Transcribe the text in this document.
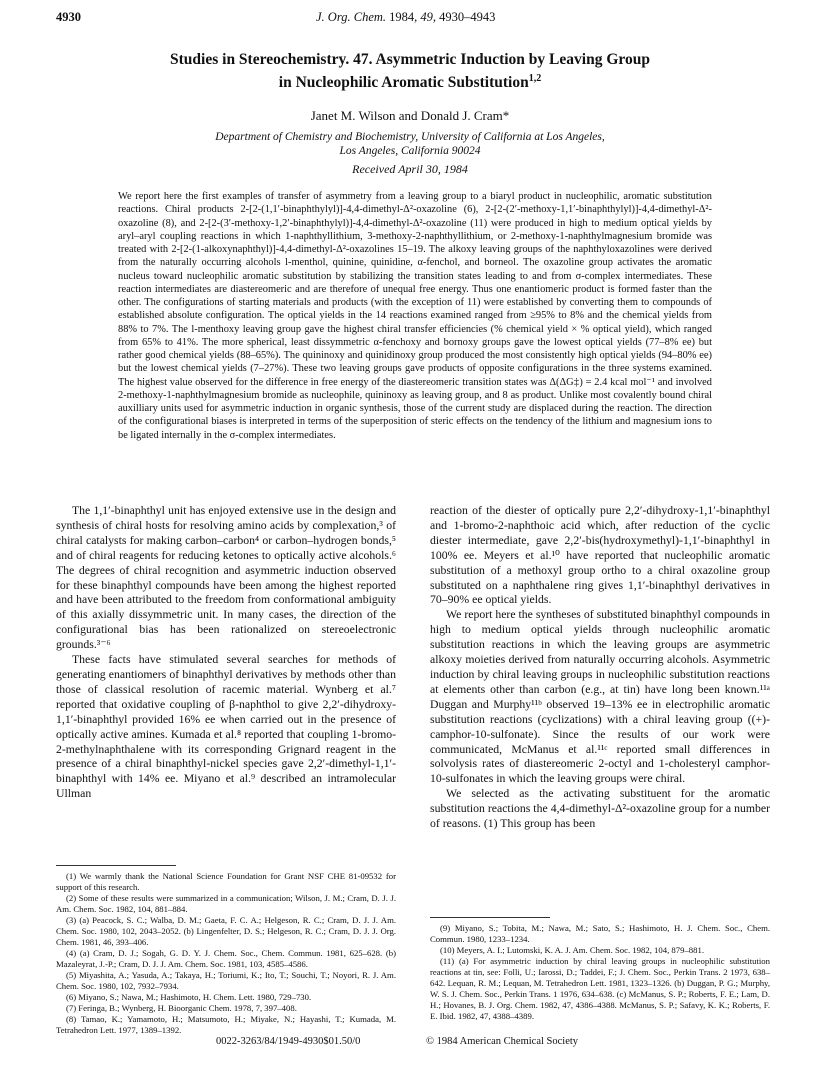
4930	J. Org. Chem. 1984, 49, 4930–4943
Studies in Stereochemistry. 47. Asymmetric Induction by Leaving Group
in Nucleophilic Aromatic Substitution$^{1,2}$
Janet M. Wilson and Donald J. Cram*
Department of Chemistry and Biochemistry, University of California at Los Angeles,
Los Angeles, California 90024
Received April 30, 1984

We report here the first examples of transfer of asymmetry from a leaving group to a biaryl product in nucleophilic, aromatic substitution reactions. Chiral products 2-[2-(1,1′-binaphthylyl)]-4,4-dimethyl-Δ²-oxazoline (6), 2-[2-(2′-methoxy-1,1′-binaphthylyl)]-4,4-dimethyl-Δ²-oxazoline (8), and 2-[2-(3′-methoxy-1,2′-binaphthylyl)]-4,4-dimethyl-Δ²-oxazoline (11) were produced in high to medium optical yields by aryl–aryl coupling reactions in which 1-naphthyllithium, 3-methoxy-2-naphthyllithium, or 2-methoxy-1-naphthylmagnesium bromide was treated with 2-[2-(1-alkoxynaphthyl)]-4,4-dimethyl-Δ²-oxazolines 15–19. The alkoxy leaving groups of the naphthyloxazolines were derived from the naturally occurring alcohols l-menthol, quinine, quinidine, α-fenchol, and borneol. The oxazoline group activates the aromatic nucleus toward nucleophilic aromatic substitution by stabilizing the transition states leading to and from σ-complex intermediates. These reaction intermediates are diastereomeric and are therefore of unequal free energy. Thus one enantiomeric product is formed faster than the other. The configurations of starting materials and products (with the exception of 11) were established by converting them to compounds of established absolute configuration. The optical yields in the 14 reactions examined ranged from ≥95% to 8% and the chemical yields from 88% to 7%. The l-menthoxy leaving group gave the highest chiral transfer efficiencies (% chemical yield × % optical yield), which ranged from 65% to 41%. The more spherical, least dissymmetric α-fenchoxy and bornoxy groups gave the lowest optical yields (77–8% ee) but rather good chemical yields (88–65%). The quininoxy and quinidinoxy group produced the most consistently high optical yields (94–80% ee) but the lowest chemical yields (7–27%). These two leaving groups gave products of opposite configurations in the three systems examined. The highest value observed for the difference in free energy of the diastereomeric transition states was Δ(ΔG‡) = 2.4 kcal mol⁻¹ and involved 2-methoxy-1-naphthylmagnesium bromide as nucleophile, quininoxy as leaving group, and 8 as product. Unlike most covalently bound chiral auxilliary units used for asymmetric induction in organic synthesis, those of the current study are displaced during the reaction. The direction of the configurational biases is interpreted in terms of the superposition of steric effects on the tendency of the lithium and magnesium ions to be ligated internally in the σ-complex intermediates.

The 1,1′-binaphthyl unit has enjoyed extensive use in the design and synthesis of chiral hosts for resolving amino acids by complexation,³ of chiral catalysts for making carbon–carbon⁴ or carbon–hydrogen bonds,⁵ and of chiral reagents for reducing ketones to optically active alcohols.⁶ The degrees of chiral recognition and asymmetric induction observed for these binaphthyl compounds have been among the highest reported and have been attributed to the freedom from conformational ambiguity of this axially dissymmetric unit. In many cases, the direction of the configurational bias has been rationalized on stereoelectronic grounds.³⁻⁶

These facts have stimulated several searches for methods of generating enantiomers of binaphthyl derivatives by methods other than those of classical resolution of racemic material. Wynberg et al.⁷ reported that oxidative coupling of β-naphthol to give 2,2′-dihydroxy-1,1′-binaphthyl provided 16% ee when carried out in the presence of optically active amines. Kumada et al.⁸ reported that coupling 1-bromo-2-methylnaphthalene with its corresponding Grignard reagent in the presence of a chiral binaphthyl-nickel species gave 2,2′-dimethyl-1,1′-binaphthyl with 14% ee. Miyano et al.⁹ described an intramolecular Ullman

reaction of the diester of optically pure 2,2′-dihydroxy-1,1′-binaphthyl and 1-bromo-2-naphthoic acid which, after reduction of the cyclic diester intermediate, gave 2,2′-bis(hydroxymethyl)-1,1′-binaphthyl in 100% ee. Meyers et al.¹⁰ have reported that nucleophilic aromatic substitution of a methoxyl group ortho to a chiral oxazoline group substituted on a naphthalene ring gives 1,1′-binaphthyl derivatives in 70–90% ee optical yields.

We report here the syntheses of substituted binaphthyl compounds in high to medium optical yields through nucleophilic aromatic substitution reactions in which the leaving groups are asymmetric alkoxy moieties derived from naturally occurring alcohols. Asymmetric induction by chiral leaving groups in nucleophilic substitution reactions at elements other than carbon (e.g., at tin) have long been known.¹¹ᵃ Duggan and Murphy¹¹ᵇ observed 19–13% ee in electrophilic aromatic substitution reactions (cyclizations) with a chiral leaving group ((+)-camphor-10-sulfonate). Since the results of our work were communicated, McManus et al.¹¹ᶜ reported small differences in solvolysis rates of diastereomeric 2-octyl and 1-cholesteryl camphor-10-sulfonates in which the leaving groups were chiral.

We selected as the activating substituent for the aromatic substitution reactions the 4,4-dimethyl-Δ²-oxazoline group for a number of reasons. (1) This group has been

(1) We warmly thank the National Science Foundation for Grant NSF CHE 81-09532 for support of this research.

(2) Some of these results were summarized in a communication; Wilson, J. M.; Cram, D. J. J. Am. Chem. Soc. 1982, 104, 881–884.

(3) (a) Peacock, S. C.; Walba, D. M.; Gaeta, F. C. A.; Helgeson, R. C.; Cram, D. J. J. Am. Chem. Soc. 1980, 102, 2043–2052. (b) Lingenfelter, D. S.; Helgeson, R. C.; Cram, D. J. J. Org. Chem. 1981, 46, 393–406.

(4) (a) Cram, D. J.; Sogah, G. D. Y. J. Chem. Soc., Chem. Commun. 1981, 625–628. (b) Mazaleyrat, J.-P.; Cram, D. J. J. Am. Chem. Soc. 1981, 103, 4585–4586.

(5) Miyashita, A.; Yasuda, A.; Takaya, H.; Toriumi, K.; Ito, T.; Souchi, T.; Noyori, R. J. Am. Chem. Soc. 1980, 102, 7932–7934.

(6) Miyano, S.; Nawa, M.; Hashimoto, H. Chem. Lett. 1980, 729–730.

(7) Feringa, B.; Wynberg, H. Bioorganic Chem. 1978, 7, 397–408.

(8) Tamao, K.; Yamamoto, H.; Matsumoto, H.; Miyake, N.; Hayashi, T.; Kumada, M. Tetrahedron Lett. 1977, 1389–1392.

(9) Miyano, S.; Tobita, M.; Nawa, M.; Sato, S.; Hashimoto, H. J. Chem. Soc., Chem. Commun. 1980, 1233–1234.

(10) Meyers, A. I.; Lutomski, K. A. J. Am. Chem. Soc. 1982, 104, 879–881.

(11) (a) For asymmetric induction by chiral leaving groups in nucleophilic substitution reactions at tin, see: Folli, U.; Iarossi, D.; Taddei, F.; J. Chem. Soc., Perkin Trans. 2 1973, 638–642. Lequan, R. M.; Lequan, M. Tetrahedron Lett. 1981, 1323–1326. (b) Duggan, P. G.; Murphy, W. S. J. Chem. Soc., Perkin Trans. 1 1976, 634–638. (c) McManus, S. P.; Roberts, F. E.; Lam, D. H.; Hovanes, B. J. Org. Chem. 1982, 47, 4386–4388. McManus, S. P.; Safavy, K. K.; Roberts, F. E. Ibid. 1982, 47, 4388–4389.

0022-3263/84/1949-4930$01.50/0	© 1984 American Chemical Society
